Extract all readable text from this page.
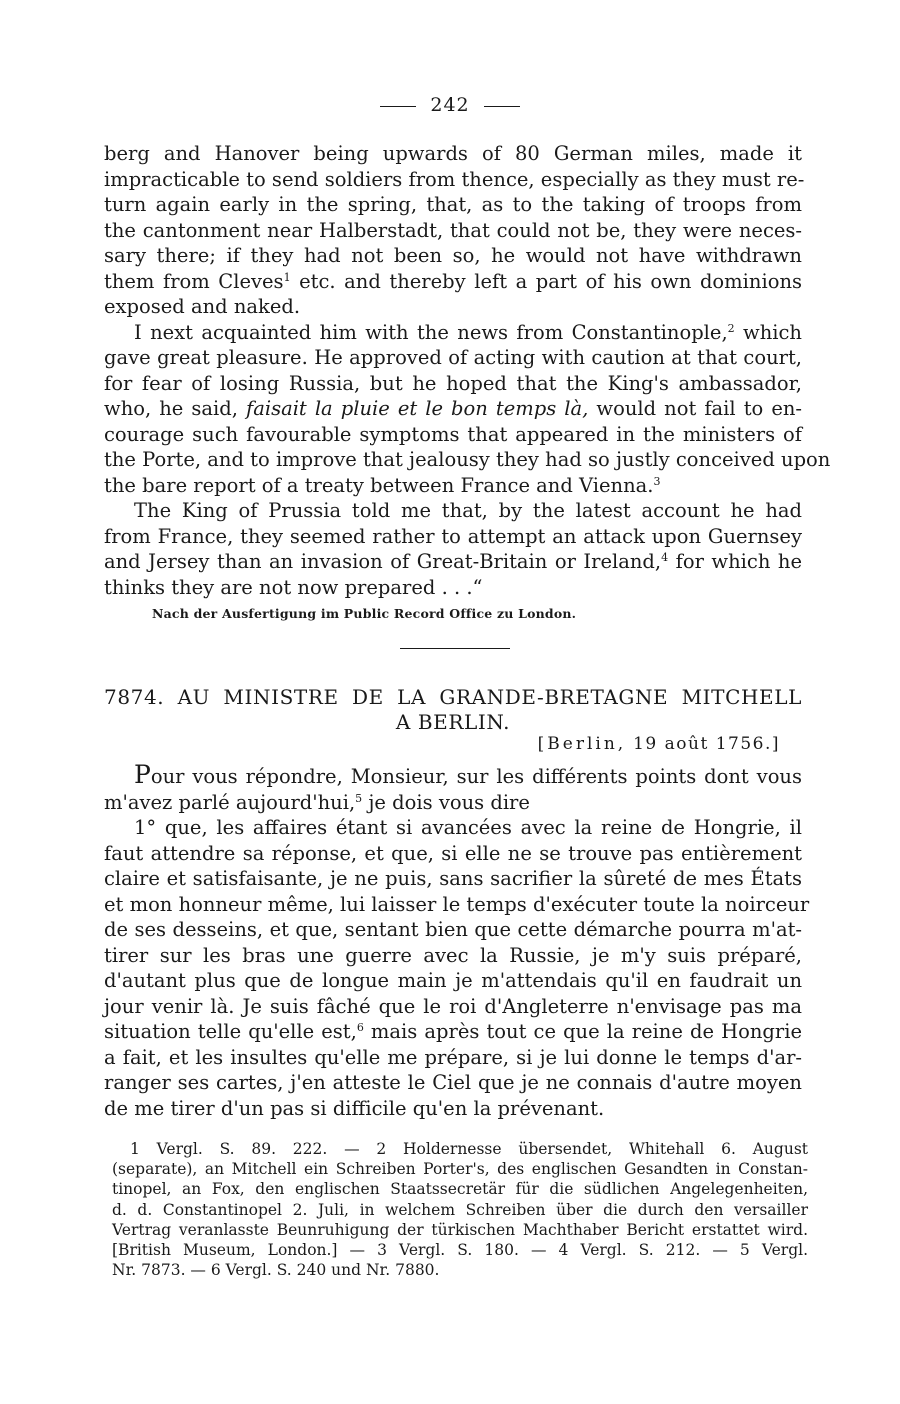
242
berg and Hanover being upwards of 80 German miles, made it
impracticable to send soldiers from thence, especially as they must re-
turn again early in the spring, that, as to the taking of troops from
the cantonment near Halberstadt, that could not be, they were neces-
sary there; if they had not been so, he would not have withdrawn
them from Cleves$^1$ etc. and thereby left a part of his own dominions
exposed and naked.
I next acquainted him with the news from Constantinople,$^2$ which
gave great pleasure. He approved of acting with caution at that court,
for fear of losing Russia, but he hoped that the King's ambassador,
who, he said, faisait la pluie et le bon temps là, would not fail to en-
courage such favourable symptoms that appeared in the ministers of
the Porte, and to improve that jealousy they had so justly conceived upon
the bare report of a treaty between France and Vienna.$^3$
The King of Prussia told me that, by the latest account he had
from France, they seemed rather to attempt an attack upon Guernsey
and Jersey than an invasion of Great-Britain or Ireland,$^4$ for which he
thinks they are not now prepared . . .“
Nach der Ausfertigung im Public Record Office zu London.
7874. AU MINISTRE DE LA GRANDE-BRETAGNE MITCHELL
A BERLIN.
[Berlin, 19 août 1756.]
Pour vous répondre, Monsieur, sur les différents points dont vous
m'avez parlé aujourd'hui,$^5$ je dois vous dire
1° que, les affaires étant si avancées avec la reine de Hongrie, il
faut attendre sa réponse, et que, si elle ne se trouve pas entièrement
claire et satisfaisante, je ne puis, sans sacrifier la sûreté de mes États
et mon honneur même, lui laisser le temps d'exécuter toute la noirceur
de ses desseins, et que, sentant bien que cette démarche pourra m'at-
tirer sur les bras une guerre avec la Russie, je m'y suis préparé,
d'autant plus que de longue main je m'attendais qu'il en faudrait un
jour venir là. Je suis fâché que le roi d'Angleterre n'envisage pas ma
situation telle qu'elle est,$^6$ mais après tout ce que la reine de Hongrie
a fait, et les insultes qu'elle me prépare, si je lui donne le temps d'ar-
ranger ses cartes, j'en atteste le Ciel que je ne connais d'autre moyen
de me tirer d'un pas si difficile qu'en la prévenant.
1 Vergl. S. 89. 222. — 2 Holdernesse übersendet, Whitehall 6. August
(separate), an Mitchell ein Schreiben Porter's, des englischen Gesandten in Constan-
tinopel, an Fox, den englischen Staatssecretär für die südlichen Angelegenheiten,
d. d. Constantinopel 2. Juli, in welchem Schreiben über die durch den versailler
Vertrag veranlasste Beunruhigung der türkischen Machthaber Bericht erstattet wird.
[British Museum, London.] — 3 Vergl. S. 180. — 4 Vergl. S. 212. — 5 Vergl.
Nr. 7873. — 6 Vergl. S. 240 und Nr. 7880.
